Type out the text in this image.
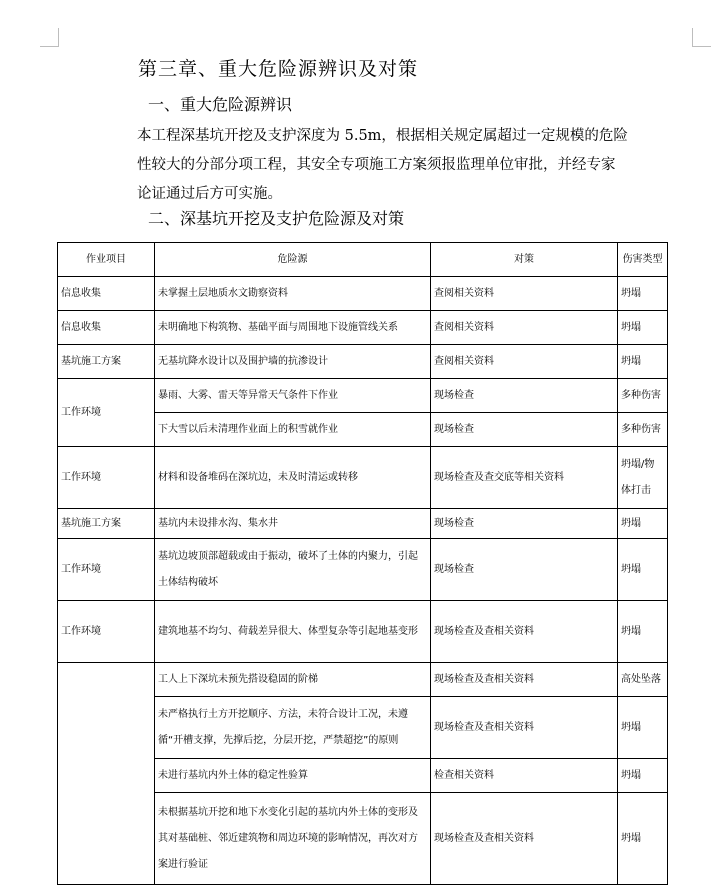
第三章、重大危险源辨识及对策
一、重大危险源辨识
本工程深基坑开挖及支护深度为 5.5m，根据相关规定属超过一定规模的危险性较大的分部分项工程，其安全专项施工方案须报监理单位审批，并经专家论证通过后方可实施。
二、深基坑开挖及支护危险源及对策
作业项目	危险源	对策	伤害类型
信息收集	未掌握土层地质水文勘察资料	查阅相关资料	坍塌
信息收集	未明确地下构筑物、基础平面与周围地下设施管线关系	查阅相关资料	坍塌
基坑施工方案	无基坑降水设计以及围护墙的抗渗设计	查阅相关资料	坍塌
工作环境	暴雨、大雾、雷天等异常天气条件下作业	现场检查	多种伤害
	下大雪以后未清理作业面上的积雪就作业	现场检查	多种伤害
工作环境	材料和设备堆码在深坑边，未及时清运或转移	现场检查及查交底等相关资料	坍塌/物体打击
基坑施工方案	基坑内未设排水沟、集水井	现场检查	坍塌
工作环境	基坑边坡顶部超载或由于振动，破坏了土体的内聚力，引起土体结构破坏	现场检查	坍塌
工作环境	建筑地基不均匀、荷载差异很大、体型复杂等引起地基变形	现场检查及查相关资料	坍塌
	工人上下深坑未预先搭设稳固的阶梯	现场检查及查相关资料	高处坠落
	未严格执行土方开挖顺序、方法，未符合设计工况，未遵循“开槽支撑，先撑后挖，分层开挖，严禁超挖”的原则	现场检查及查相关资料	坍塌
	未进行基坑内外土体的稳定性验算	检查相关资料	坍塌
	未根据基坑开挖和地下水变化引起的基坑内外土体的变形及其对基础桩、邻近建筑物和周边环境的影响情况，再次对方案进行验证	现场检查及查相关资料	坍塌
